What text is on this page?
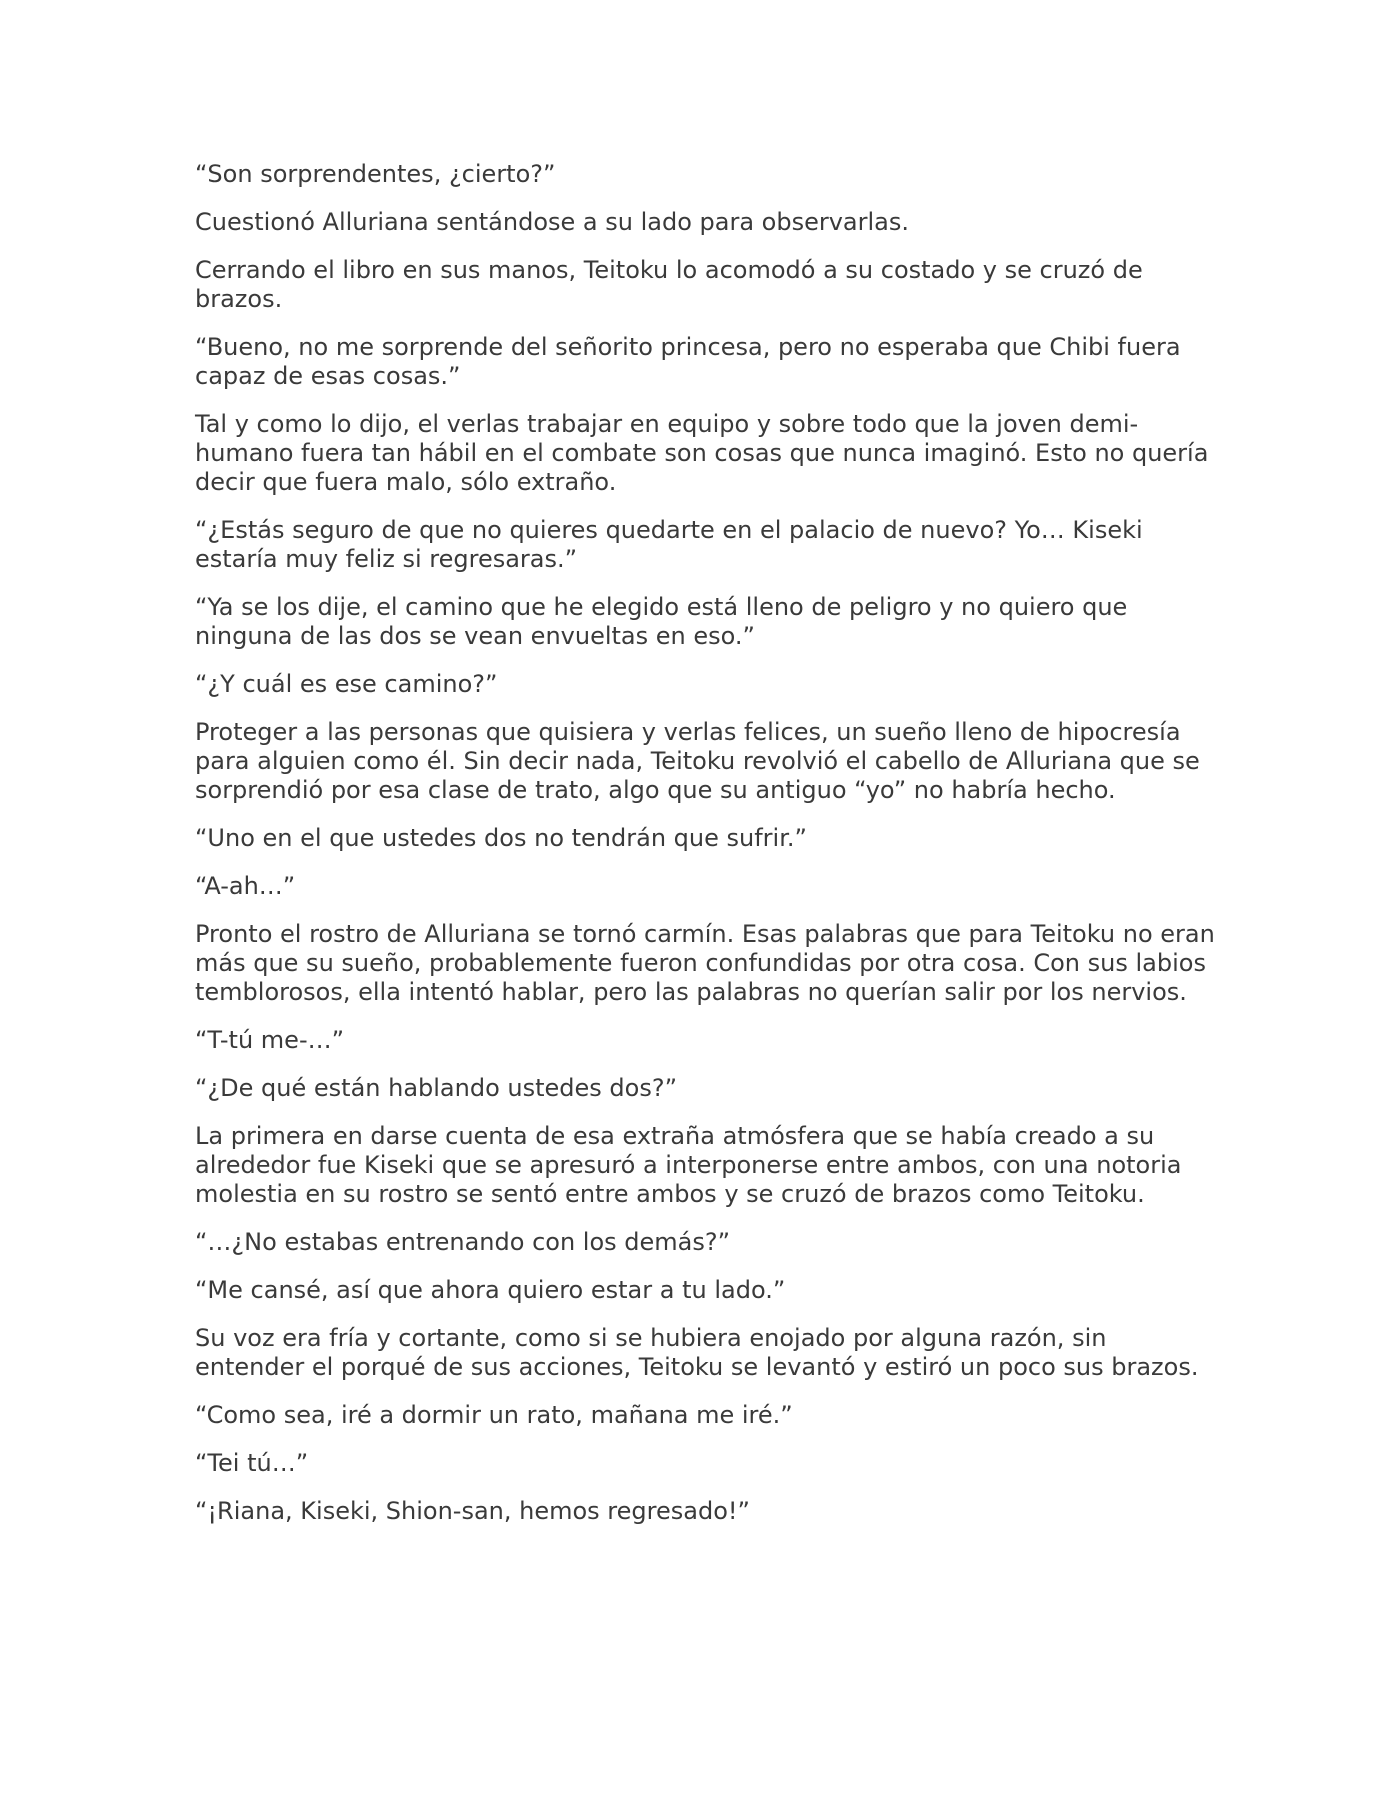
“Son sorprendentes, ¿cierto?”

Cuestionó Alluriana sentándose a su lado para observarlas.

Cerrando el libro en sus manos, Teitoku lo acomodó a su costado y se cruzó de brazos.

“Bueno, no me sorprende del señorito princesa, pero no esperaba que Chibi fuera capaz de esas cosas.”

Tal y como lo dijo, el verlas trabajar en equipo y sobre todo que la joven demi-humano fuera tan hábil en el combate son cosas que nunca imaginó. Esto no quería decir que fuera malo, sólo extraño.

“¿Estás seguro de que no quieres quedarte en el palacio de nuevo? Yo… Kiseki estaría muy feliz si regresaras.”

“Ya se los dije, el camino que he elegido está lleno de peligro y no quiero que ninguna de las dos se vean envueltas en eso.”

“¿Y cuál es ese camino?”

Proteger a las personas que quisiera y verlas felices, un sueño lleno de hipocresía para alguien como él. Sin decir nada, Teitoku revolvió el cabello de Alluriana que se sorprendió por esa clase de trato, algo que su antiguo “yo” no habría hecho.

“Uno en el que ustedes dos no tendrán que sufrir.”

“A-ah…”

Pronto el rostro de Alluriana se tornó carmín. Esas palabras que para Teitoku no eran más que su sueño, probablemente fueron confundidas por otra cosa. Con sus labios temblorosos, ella intentó hablar, pero las palabras no querían salir por los nervios.

“T-tú me-…”

“¿De qué están hablando ustedes dos?”

La primera en darse cuenta de esa extraña atmósfera que se había creado a su alrededor fue Kiseki que se apresuró a interponerse entre ambos, con una notoria molestia en su rostro se sentó entre ambos y se cruzó de brazos como Teitoku.

“…¿No estabas entrenando con los demás?”

“Me cansé, así que ahora quiero estar a tu lado.”

Su voz era fría y cortante, como si se hubiera enojado por alguna razón, sin entender el porqué de sus acciones, Teitoku se levantó y estiró un poco sus brazos.

“Como sea, iré a dormir un rato, mañana me iré.”

“Tei tú…”

“¡Riana, Kiseki, Shion-san, hemos regresado!”
